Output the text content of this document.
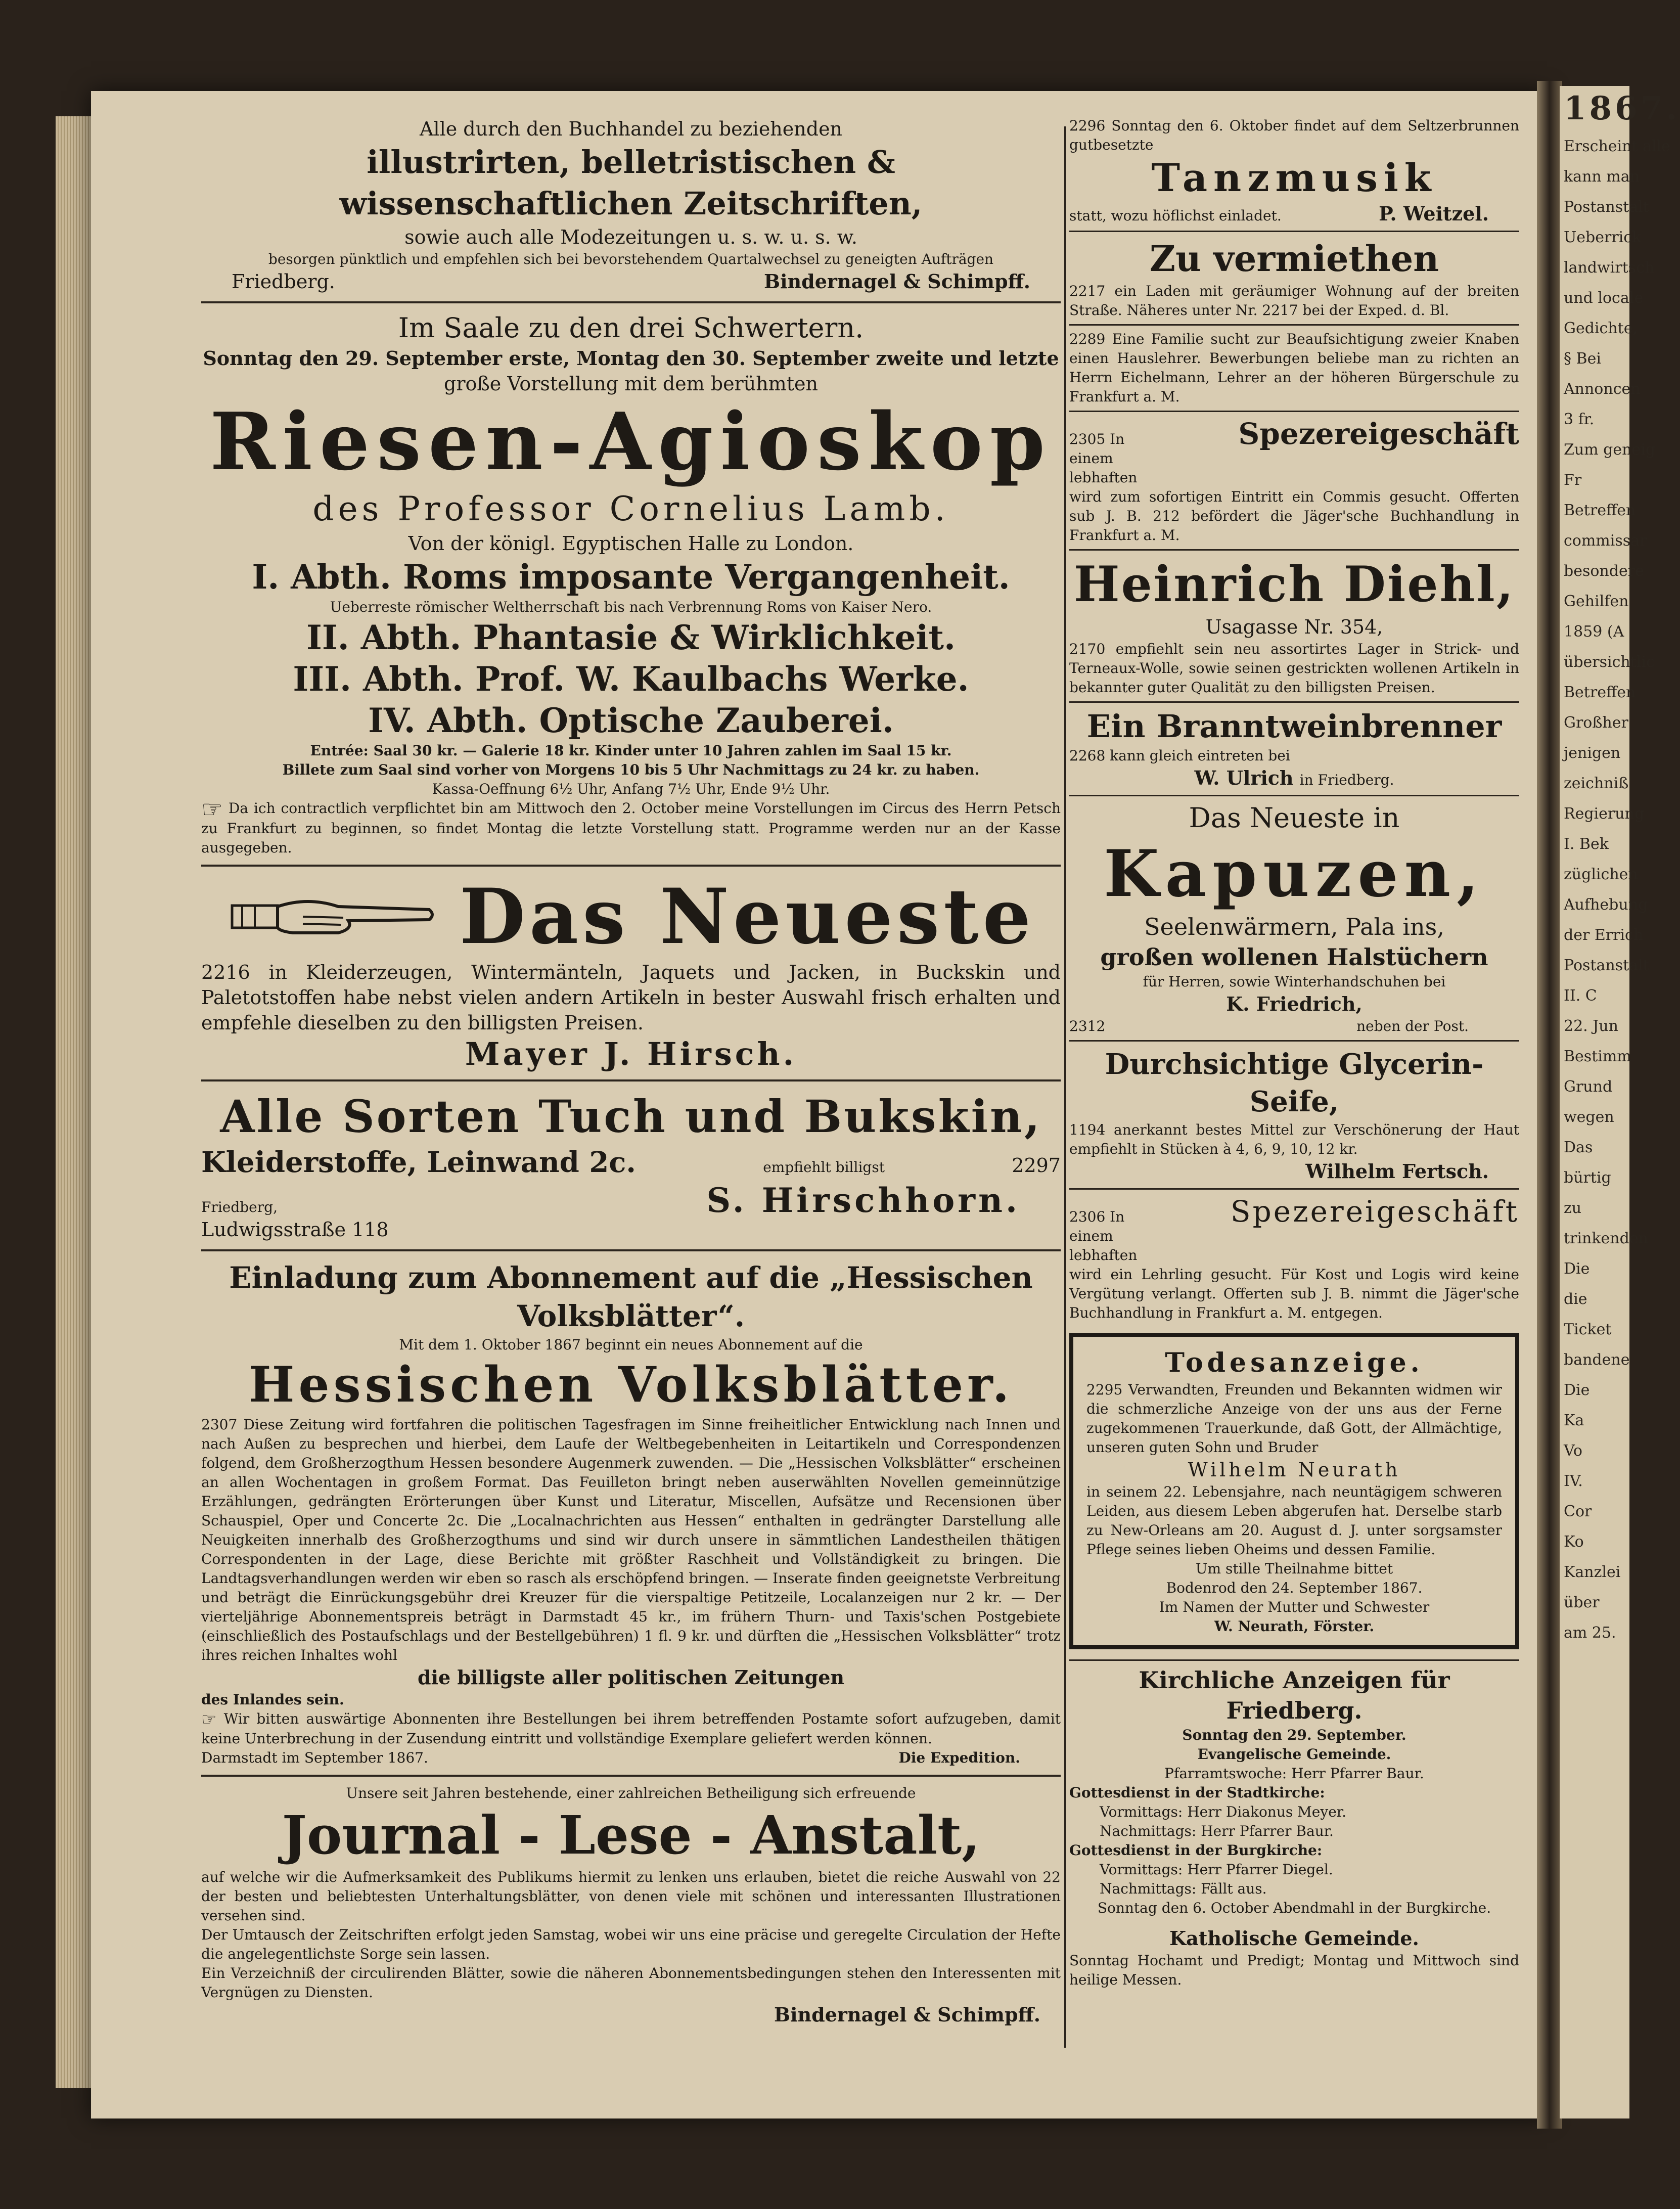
1867.
Erscheint alle
kann man
Postanstalt
Ueberrick
landwirtsch
und locale
Gedichte,
§ Bei
Annoncen
3 fr.
Zum geneig
Fr
Betreffen
commissar
besondere
Gehilfen
1859 (A
übersichtlic
Betreffen
Großher
jenigen
zeichniß
Regierung
I. Bek
züglichen
Aufhebung
der Errich
Postanstalt
II. C
22. Jun
Bestimm
Grund
wegen
Das
bürtig
zu
trinkenden
Die
die
Ticket
bandene
Die
Ka
Vo
IV.
Cor
Ko
Kanzlei
über
am 25.
Alle durch den Buchhandel zu beziehenden
illustrirten, belletristischen & wissenschaftlichen Zeitschriften,
sowie auch alle Modezeitungen u. s. w. u. s. w.
besorgen pünktlich und empfehlen sich bei bevorstehendem Quartalwechsel zu geneigten Aufträgen
Friedberg.	Bindernagel & Schimpff.
Im Saale zu den drei Schwertern.
Sonntag den 29. September erste, Montag den 30. September zweite und letzte
große Vorstellung mit dem berühmten
Riesen-Agioskop
des Professor Cornelius Lamb.
Von der königl. Egyptischen Halle zu London.
I. Abth. Roms imposante Vergangenheit.
Ueberreste römischer Weltherrschaft bis nach Verbrennung Roms von Kaiser Nero.
II. Abth. Phantasie & Wirklichkeit.
III. Abth. Prof. W. Kaulbachs Werke.
IV. Abth. Optische Zauberei.
Entrée: Saal 30 kr. — Galerie 18 kr. Kinder unter 10 Jahren zahlen im Saal 15 kr.
Billete zum Saal sind vorher von Morgens 10 bis 5 Uhr Nachmittags zu 24 kr. zu haben.
Kassa-Oeffnung 6½ Uhr, Anfang 7½ Uhr, Ende 9½ Uhr.
☞ Da ich contractlich verpflichtet bin am Mittwoch den 2. October meine Vorstellungen im Circus des Herrn Petsch zu Frankfurt zu beginnen, so findet Montag die letzte Vorstellung statt. Programme werden nur an der Kasse ausgegeben.
Das Neueste
2216 in Kleiderzeugen, Wintermänteln, Jaquets und Jacken, in Buckskin und Paletotstoffen habe nebst vielen andern Artikeln in bester Auswahl frisch erhalten und empfehle dieselben zu den billigsten Preisen.
Mayer J. Hirsch.
Alle Sorten Tuch und Bukskin,
Kleiderstoffe, Leinwand 2c.	empfiehlt billigst	2297
Friedberg,
Ludwigsstraße 118
S. Hirschhorn.
Einladung zum Abonnement auf die „Hessischen Volksblätter“.
Mit dem 1. Oktober 1867 beginnt ein neues Abonnement auf die
Hessischen Volksblätter.
2307 Diese Zeitung wird fortfahren die politischen Tagesfragen im Sinne freiheitlicher Entwicklung nach Innen und nach Außen zu besprechen und hierbei, dem Laufe der Weltbegebenheiten in Leitartikeln und Correspondenzen folgend, dem Großherzogthum Hessen besondere Augenmerk zuwenden. — Die „Hessischen Volksblätter“ erscheinen an allen Wochentagen in großem Format. Das Feuilleton bringt neben auserwählten Novellen gemeinnützige Erzählungen, gedrängten Erörterungen über Kunst und Literatur, Miscellen, Aufsätze und Recensionen über Schauspiel, Oper und Concerte 2c. Die „Localnachrichten aus Hessen“ enthalten in gedrängter Darstellung alle Neuigkeiten innerhalb des Großherzogthums und sind wir durch unsere in sämmtlichen Landestheilen thätigen Correspondenten in der Lage, diese Berichte mit größter Raschheit und Vollständigkeit zu bringen. Die Landtagsverhandlungen werden wir eben so rasch als erschöpfend bringen. — Inserate finden geeignetste Verbreitung und beträgt die Einrückungsgebühr drei Kreuzer für die vierspaltige Petitzeile, Localanzeigen nur 2 kr. — Der vierteljährige Abonnementspreis beträgt in Darmstadt 45 kr., im frühern Thurn- und Taxis'schen Postgebiete (einschließlich des Postaufschlags und der Bestellgebühren) 1 fl. 9 kr. und dürften die „Hessischen Volksblätter“ trotz ihres reichen Inhaltes wohl
die billigste aller politischen Zeitungen
des Inlandes sein.
☞ Wir bitten auswärtige Abonnenten ihre Bestellungen bei ihrem betreffenden Postamte sofort aufzugeben, damit keine Unterbrechung in der Zusendung eintritt und vollständige Exemplare geliefert werden können.
Darmstadt im September 1867.	Die Expedition.
Unsere seit Jahren bestehende, einer zahlreichen Betheiligung sich erfreuende
Journal - Lese - Anstalt,
auf welche wir die Aufmerksamkeit des Publikums hiermit zu lenken uns erlauben, bietet die reiche Auswahl von 22 der besten und beliebtesten Unterhaltungsblätter, von denen viele mit schönen und interessanten Illustrationen versehen sind.
Der Umtausch der Zeitschriften erfolgt jeden Samstag, wobei wir uns eine präcise und geregelte Circulation der Hefte die angelegentlichste Sorge sein lassen.
Ein Verzeichniß der circulirenden Blätter, sowie die näheren Abonnementsbedingungen stehen den Interessenten mit Vergnügen zu Diensten.
Bindernagel & Schimpff.
2296 Sonntag den 6. Oktober findet auf dem Seltzerbrunnen gutbesetzte
Tanzmusik
statt, wozu höflichst einladet.	P. Weitzel.
Zu vermiethen
2217 ein Laden mit geräumiger Wohnung auf der breiten Straße. Näheres unter Nr. 2217 bei der Exped. d. Bl.
2289 Eine Familie sucht zur Beaufsichtigung zweier Knaben einen Hauslehrer. Bewerbungen beliebe man zu richten an Herrn Eichelmann, Lehrer an der höheren Bürgerschule zu Frankfurt a. M.
2305 In einem lebhaften
Spezereigeschäft
wird zum sofortigen Eintritt ein Commis gesucht. Offerten sub J. B. 212 befördert die Jäger'sche Buchhandlung in Frankfurt a. M.
Heinrich Diehl,
Usagasse Nr. 354,
2170 empfiehlt sein neu assortirtes Lager in Strick- und Terneaux-Wolle, sowie seinen gestrickten wollenen Artikeln in bekannter guter Qualität zu den billigsten Preisen.
Ein Branntweinbrenner
2268 kann gleich eintreten bei
W. Ulrich in Friedberg.
Das Neueste in
Kapuzen,
Seelenwärmern, Pala ins,
großen wollenen Halstüchern
für Herren, sowie Winterhandschuhen bei
K. Friedrich,
2312	neben der Post.
Durchsichtige Glycerin-Seife,
1194 anerkannt bestes Mittel zur Verschönerung der Haut empfiehlt in Stücken à 4, 6, 9, 10, 12 kr.
Wilhelm Fertsch.
2306 In einem lebhaften
Spezereigeschäft
wird ein Lehrling gesucht. Für Kost und Logis wird keine Vergütung verlangt. Offerten sub J. B. nimmt die Jäger'sche Buchhandlung in Frankfurt a. M. entgegen.
Todesanzeige.
2295 Verwandten, Freunden und Bekannten widmen wir die schmerzliche Anzeige von der uns aus der Ferne zugekommenen Trauerkunde, daß Gott, der Allmächtige, unseren guten Sohn und Bruder
Wilhelm Neurath
in seinem 22. Lebensjahre, nach neuntägigem schweren Leiden, aus diesem Leben abgerufen hat. Derselbe starb zu New-Orleans am 20. August d. J. unter sorgsamster Pflege seines lieben Oheims und dessen Familie.
Um stille Theilnahme bittet
Bodenrod den 24. September 1867.
Im Namen der Mutter und Schwester
W. Neurath, Förster.
Kirchliche Anzeigen für Friedberg.
Sonntag den 29. September.
Evangelische Gemeinde.
Pfarramtswoche: Herr Pfarrer Baur.
Gottesdienst in der Stadtkirche:
Vormittags: Herr Diakonus Meyer.
Nachmittags: Herr Pfarrer Baur.
Gottesdienst in der Burgkirche:
Vormittags: Herr Pfarrer Diegel.
Nachmittags: Fällt aus.
Sonntag den 6. October Abendmahl in der Burgkirche.
Katholische Gemeinde.
Sonntag Hochamt und Predigt; Montag und Mittwoch sind heilige Messen.
